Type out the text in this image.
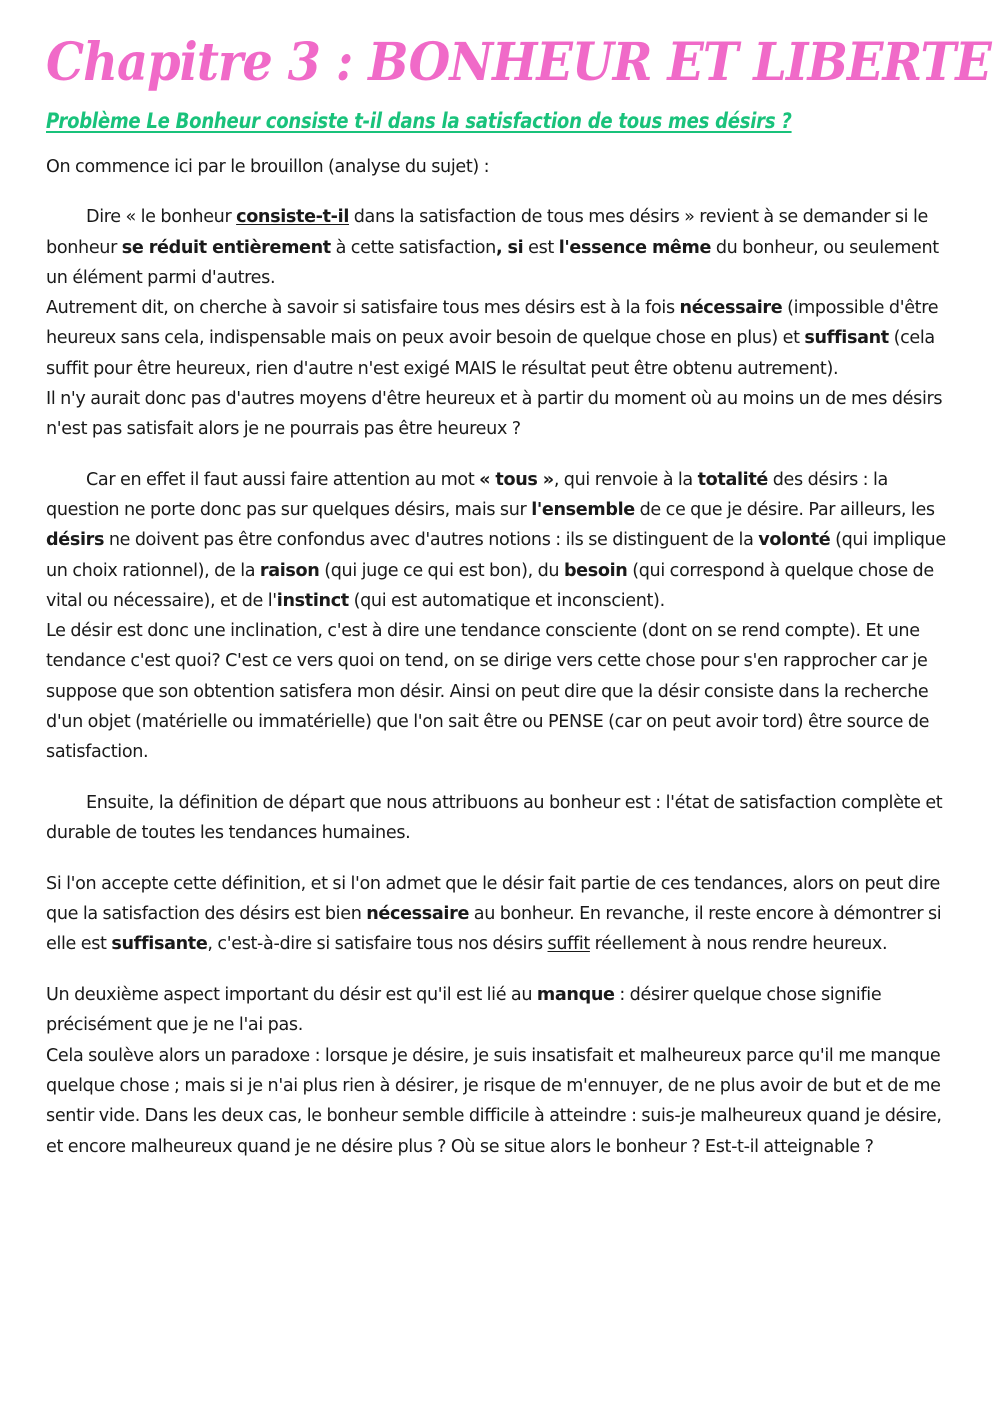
Chapitre 3 : BONHEUR ET LIBERTE
Problème Le Bonheur consiste t-il dans la satisfaction de tous mes désirs ?

On commence ici par le brouillon (analyse du sujet) :

Dire « le bonheur consiste-t-il dans la satisfaction de tous mes désirs » revient à se demander si le bonheur se réduit entièrement à cette satisfaction, si est l'essence même du bonheur, ou seulement un élément parmi d'autres.

Autrement dit, on cherche à savoir si satisfaire tous mes désirs est à la fois nécessaire (impossible d'être heureux sans cela, indispensable mais on peux avoir besoin de quelque chose en plus) et suffisant (cela suffit pour être heureux, rien d'autre n'est exigé MAIS le résultat peut être obtenu autrement).

Il n'y aurait donc pas d'autres moyens d'être heureux et à partir du moment où au moins un de mes désirs n'est pas satisfait alors je ne pourrais pas être heureux ?

Car en effet il faut aussi faire attention au mot « tous », qui renvoie à la totalité des désirs : la question ne porte donc pas sur quelques désirs, mais sur l'ensemble de ce que je désire. Par ailleurs, les désirs ne doivent pas être confondus avec d'autres notions : ils se distinguent de la volonté (qui implique un choix rationnel), de la raison (qui juge ce qui est bon), du besoin (qui correspond à quelque chose de vital ou nécessaire), et de l'instinct (qui est automatique et inconscient).

Le désir est donc une inclination, c'est à dire une tendance consciente (dont on se rend compte). Et une tendance c'est quoi? C'est ce vers quoi on tend, on se dirige vers cette chose pour s'en rapprocher car je suppose que son obtention satisfera mon désir. Ainsi on peut dire que la désir consiste dans la recherche d'un objet (matérielle ou immatérielle) que l'on sait être ou PENSE (car on peut avoir tord) être source de satisfaction.

Ensuite, la définition de départ que nous attribuons au bonheur est : l'état de satisfaction complète et durable de toutes les tendances humaines.

Si l'on accepte cette définition, et si l'on admet que le désir fait partie de ces tendances, alors on peut dire que la satisfaction des désirs est bien nécessaire au bonheur. En revanche, il reste encore à démontrer si elle est suffisante, c'est-à-dire si satisfaire tous nos désirs suffit réellement à nous rendre heureux.

Un deuxième aspect important du désir est qu'il est lié au manque : désirer quelque chose signifie précisément que je ne l'ai pas.

Cela soulève alors un paradoxe : lorsque je désire, je suis insatisfait et malheureux parce qu'il me manque quelque chose ; mais si je n'ai plus rien à désirer, je risque de m'ennuyer, de ne plus avoir de but et de me sentir vide. Dans les deux cas, le bonheur semble difficile à atteindre : suis-je malheureux quand je désire, et encore malheureux quand je ne désire plus ? Où se situe alors le bonheur ? Est-t-il atteignable ?
